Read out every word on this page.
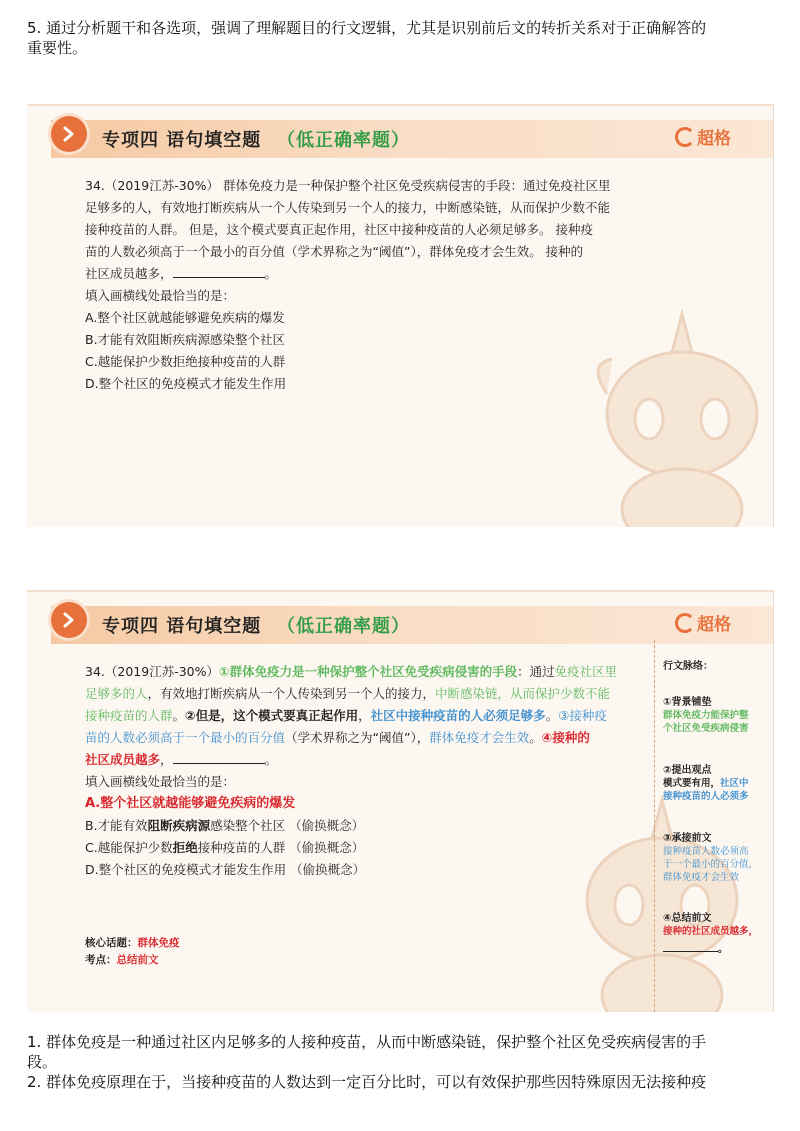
5. 通过分析题干和各选项，强调了理解题目的行文逻辑，尤其是识别前后文的转折关系对于正确解答的
重要性。
专项四 语句填空题 （低正确率题）	超格
34.（2019江苏-30%） 群体免疫力是一种保护整个社区免受疾病侵害的手段：通过免疫社区里
足够多的人，有效地打断疾病从一个人传染到另一个人的接力，中断感染链，从而保护少数不能
接种疫苗的人群。 但是，这个模式要真正起作用，社区中接种疫苗的人必须足够多。 接种疫
苗的人数必须高于一个最小的百分值（学术界称之为“阈值”），群体免疫才会生效。 接种的
社区成员越多，	。
填入画横线处最恰当的是：
A.整个社区就越能够避免疾病的爆发
B.才能有效阻断疾病源感染整个社区
C.越能保护少数拒绝接种疫苗的人群
D.整个社区的免疫模式才能发生作用
专项四 语句填空题 （低正确率题）	超格
34.（2019江苏-30%）①群体免疫力是一种保护整个社区免受疾病侵害的手段：通过免疫社区里
足够多的人，有效地打断疾病从一个人传染到另一个人的接力，中断感染链，从而保护少数不能
接种疫苗的人群。②但是，这个模式要真正起作用，社区中接种疫苗的人必须足够多。③接种疫
苗的人数必须高于一个最小的百分值（学术界称之为“阈值”），群体免疫才会生效。④接种的
社区成员越多，	。
填入画横线处最恰当的是：
A.整个社区就越能够避免疾病的爆发
B.才能有效阻断疾病源感染整个社区 （偷换概念）
C.越能保护少数拒绝接种疫苗的人群 （偷换概念）
D.整个社区的免疫模式才能发生作用 （偷换概念）
核心话题：群体免疫
考点：总结前文
行文脉络：
①背景铺垫
群体免疫力能保护整
个社区免受疾病侵害
②提出观点
模式要有用，社区中
接种疫苗的人必须多
③承接前文
接种疫苗人数必须高
于一个最小的百分值，
群体免疫才会生效
④总结前文
接种的社区成员越多，
。
1. 群体免疫是一种通过社区内足够多的人接种疫苗，从而中断感染链，保护整个社区免受疾病侵害的手
段。
2. 群体免疫原理在于，当接种疫苗的人数达到一定百分比时，可以有效保护那些因特殊原因无法接种疫
